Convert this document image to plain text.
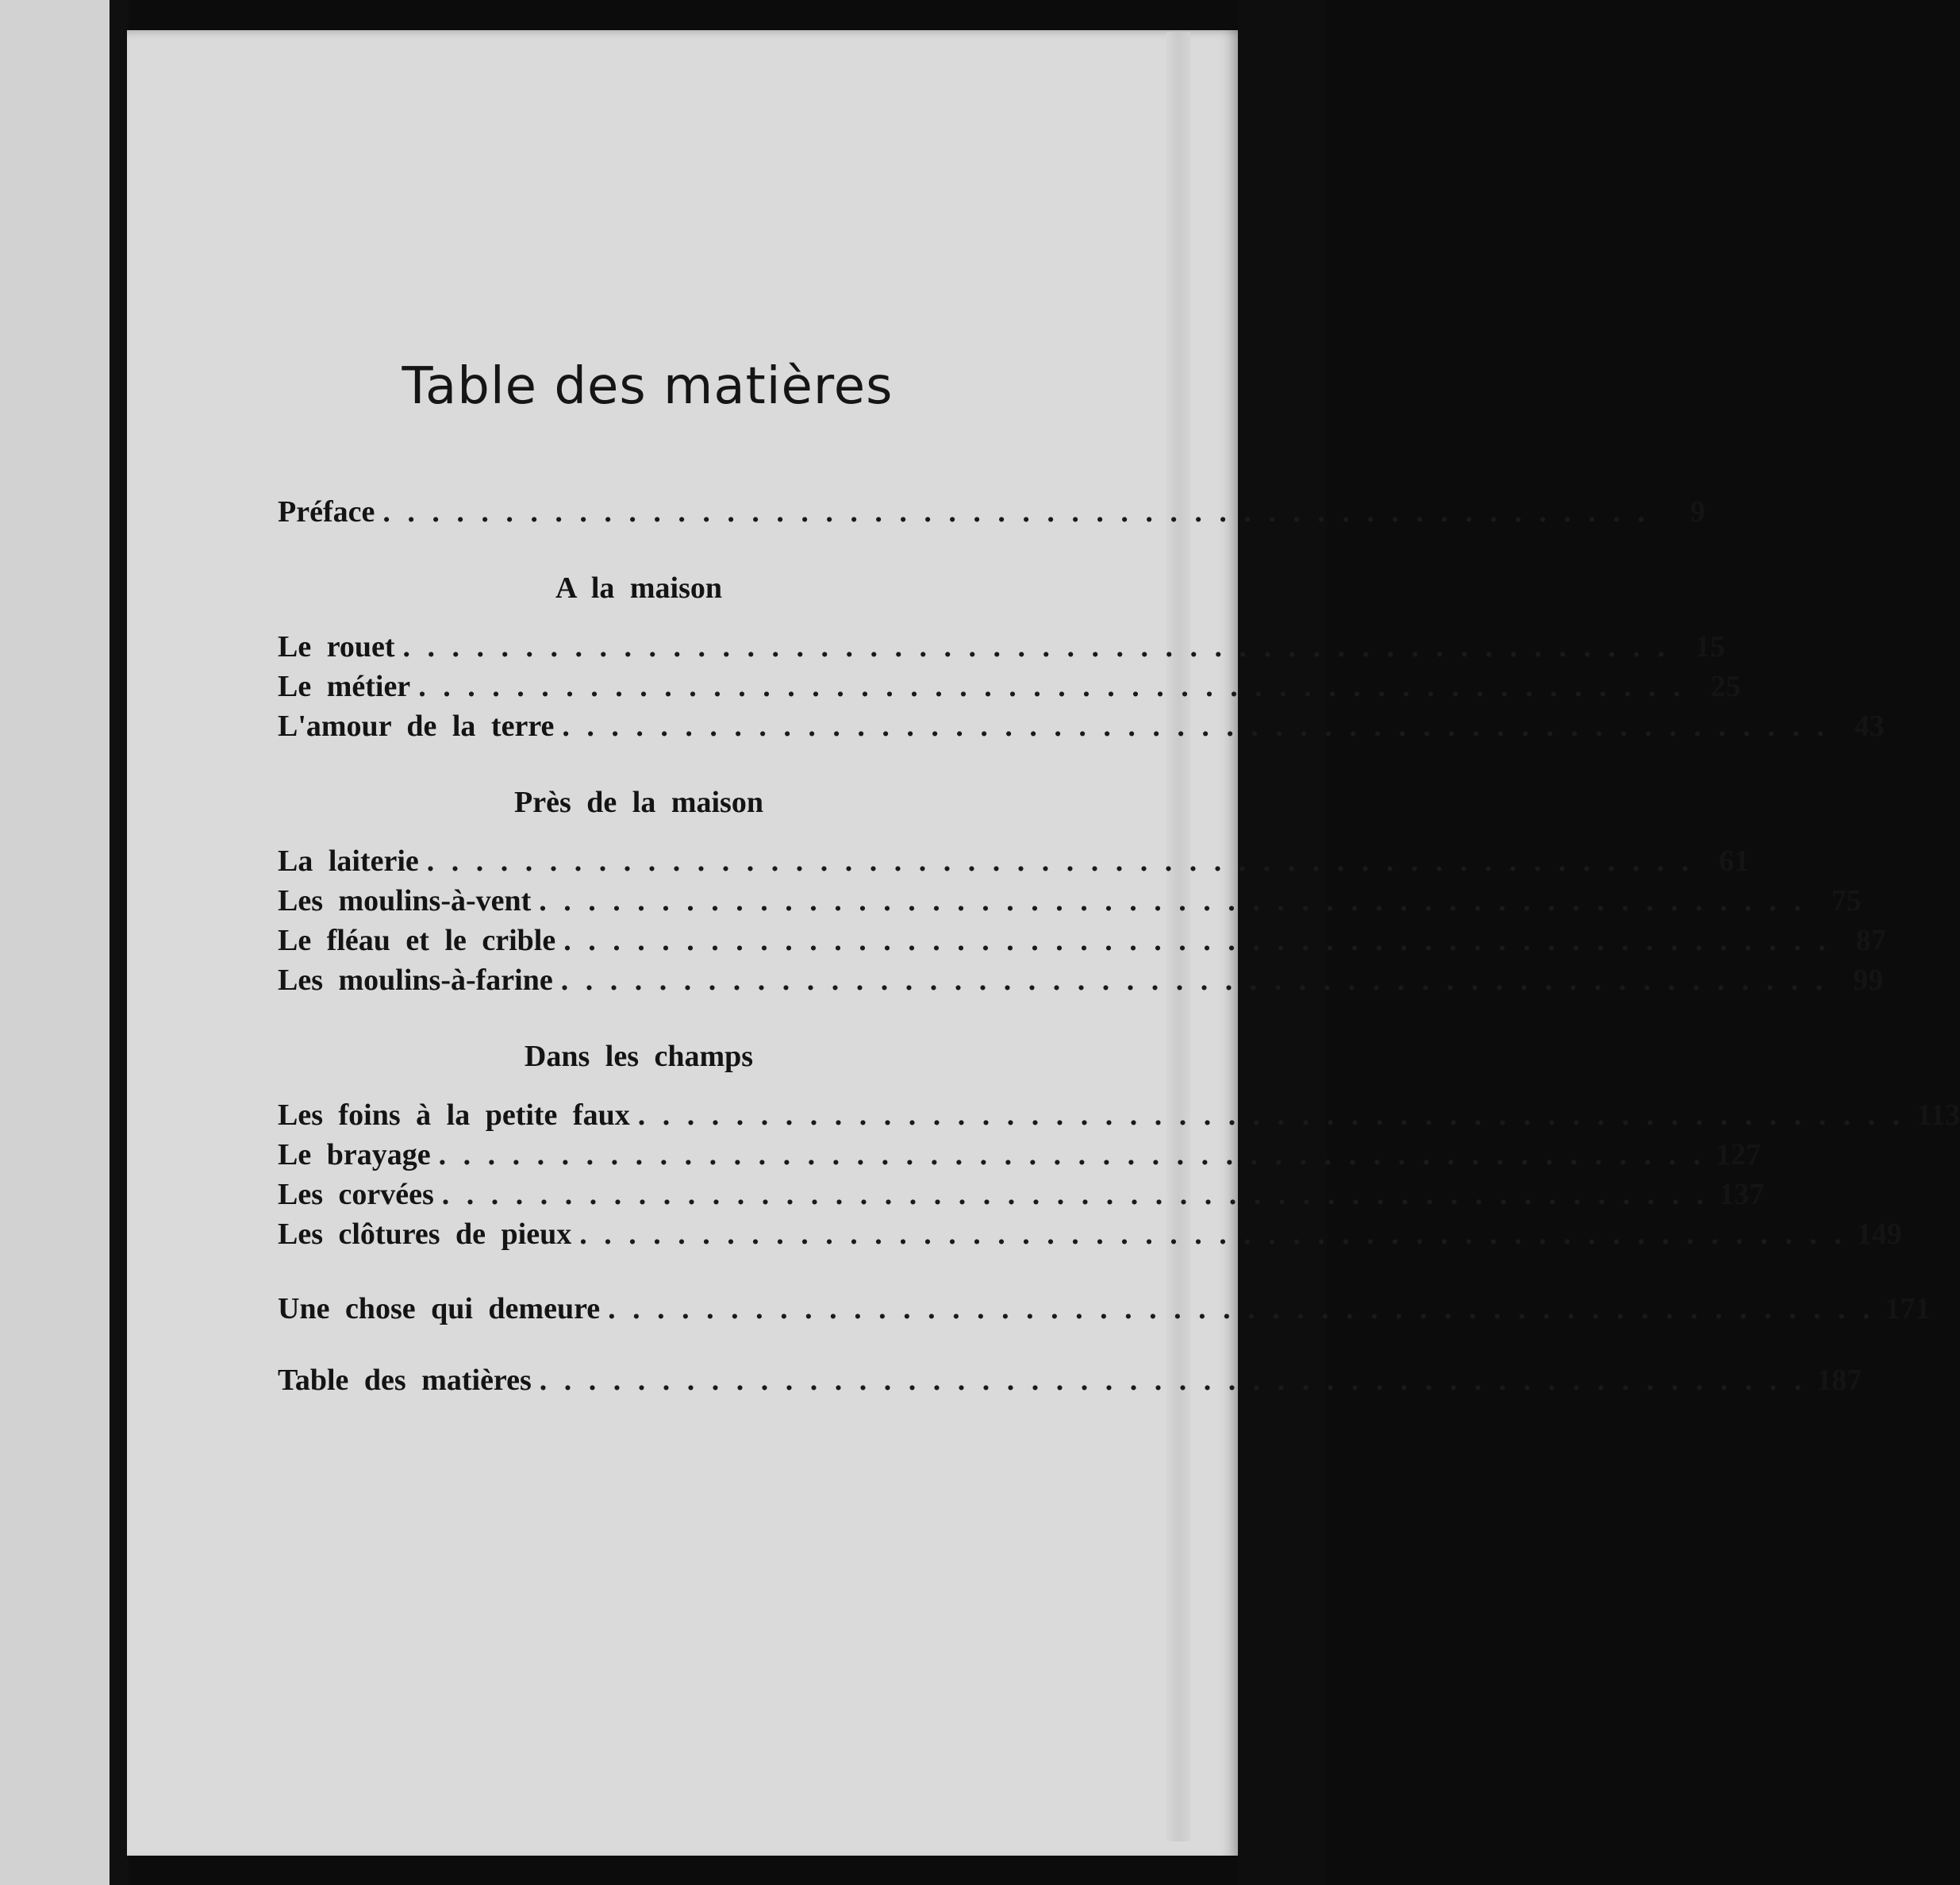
Table des matières
Préface . . . . . . . . . . . . . . . . . . . . . . . . . . . . . . . . . . . . . . . . . . . . . . . . . . . .	9
A la maison
Le rouet . . . . . . . . . . . . . . . . . . . . . . . . . . . . . . . . . . . . . . . . . . . . . . . . . . . . 15
Le métier . . . . . . . . . . . . . . . . . . . . . . . . . . . . . . . . . . . . . . . . . . . . . . . . . . . . 25
L'amour de la terre . . . . . . . . . . . . . . . . . . . . . . . . . . . . . . . . . . . . . . . . . . . . . . . . . . . . 43
Près de la maison
La laiterie . . . . . . . . . . . . . . . . . . . . . . . . . . . . . . . . . . . . . . . . . . . . . . . . . . . . 61
Les moulins-à-vent . . . . . . . . . . . . . . . . . . . . . . . . . . . . . . . . . . . . . . . . . . . . . . . . . . . . 75
Le fléau et le crible . . . . . . . . . . . . . . . . . . . . . . . . . . . . . . . . . . . . . . . . . . . . . . . . . . . . 87
Les moulins-à-farine . . . . . . . . . . . . . . . . . . . . . . . . . . . . . . . . . . . . . . . . . . . . . . . . . . . . 99
Dans les champs
Les foins à la petite faux . . . . . . . . . . . . . . . . . . . . . . . . . . . . . . . . . . . . . . . . . . . . . . . . . . . . 113
Le brayage . . . . . . . . . . . . . . . . . . . . . . . . . . . . . . . . . . . . . . . . . . . . . . . . . . . . 127
Les corvées . . . . . . . . . . . . . . . . . . . . . . . . . . . . . . . . . . . . . . . . . . . . . . . . . . . . 137
Les clôtures de pieux . . . . . . . . . . . . . . . . . . . . . . . . . . . . . . . . . . . . . . . . . . . . . . . . . . . . 149
Une chose qui demeure . . . . . . . . . . . . . . . . . . . . . . . . . . . . . . . . . . . . . . . . . . . . . . . . . . . . 171
Table des matières . . . . . . . . . . . . . . . . . . . . . . . . . . . . . . . . . . . . . . . . . . . . . . . . . . . . 187
